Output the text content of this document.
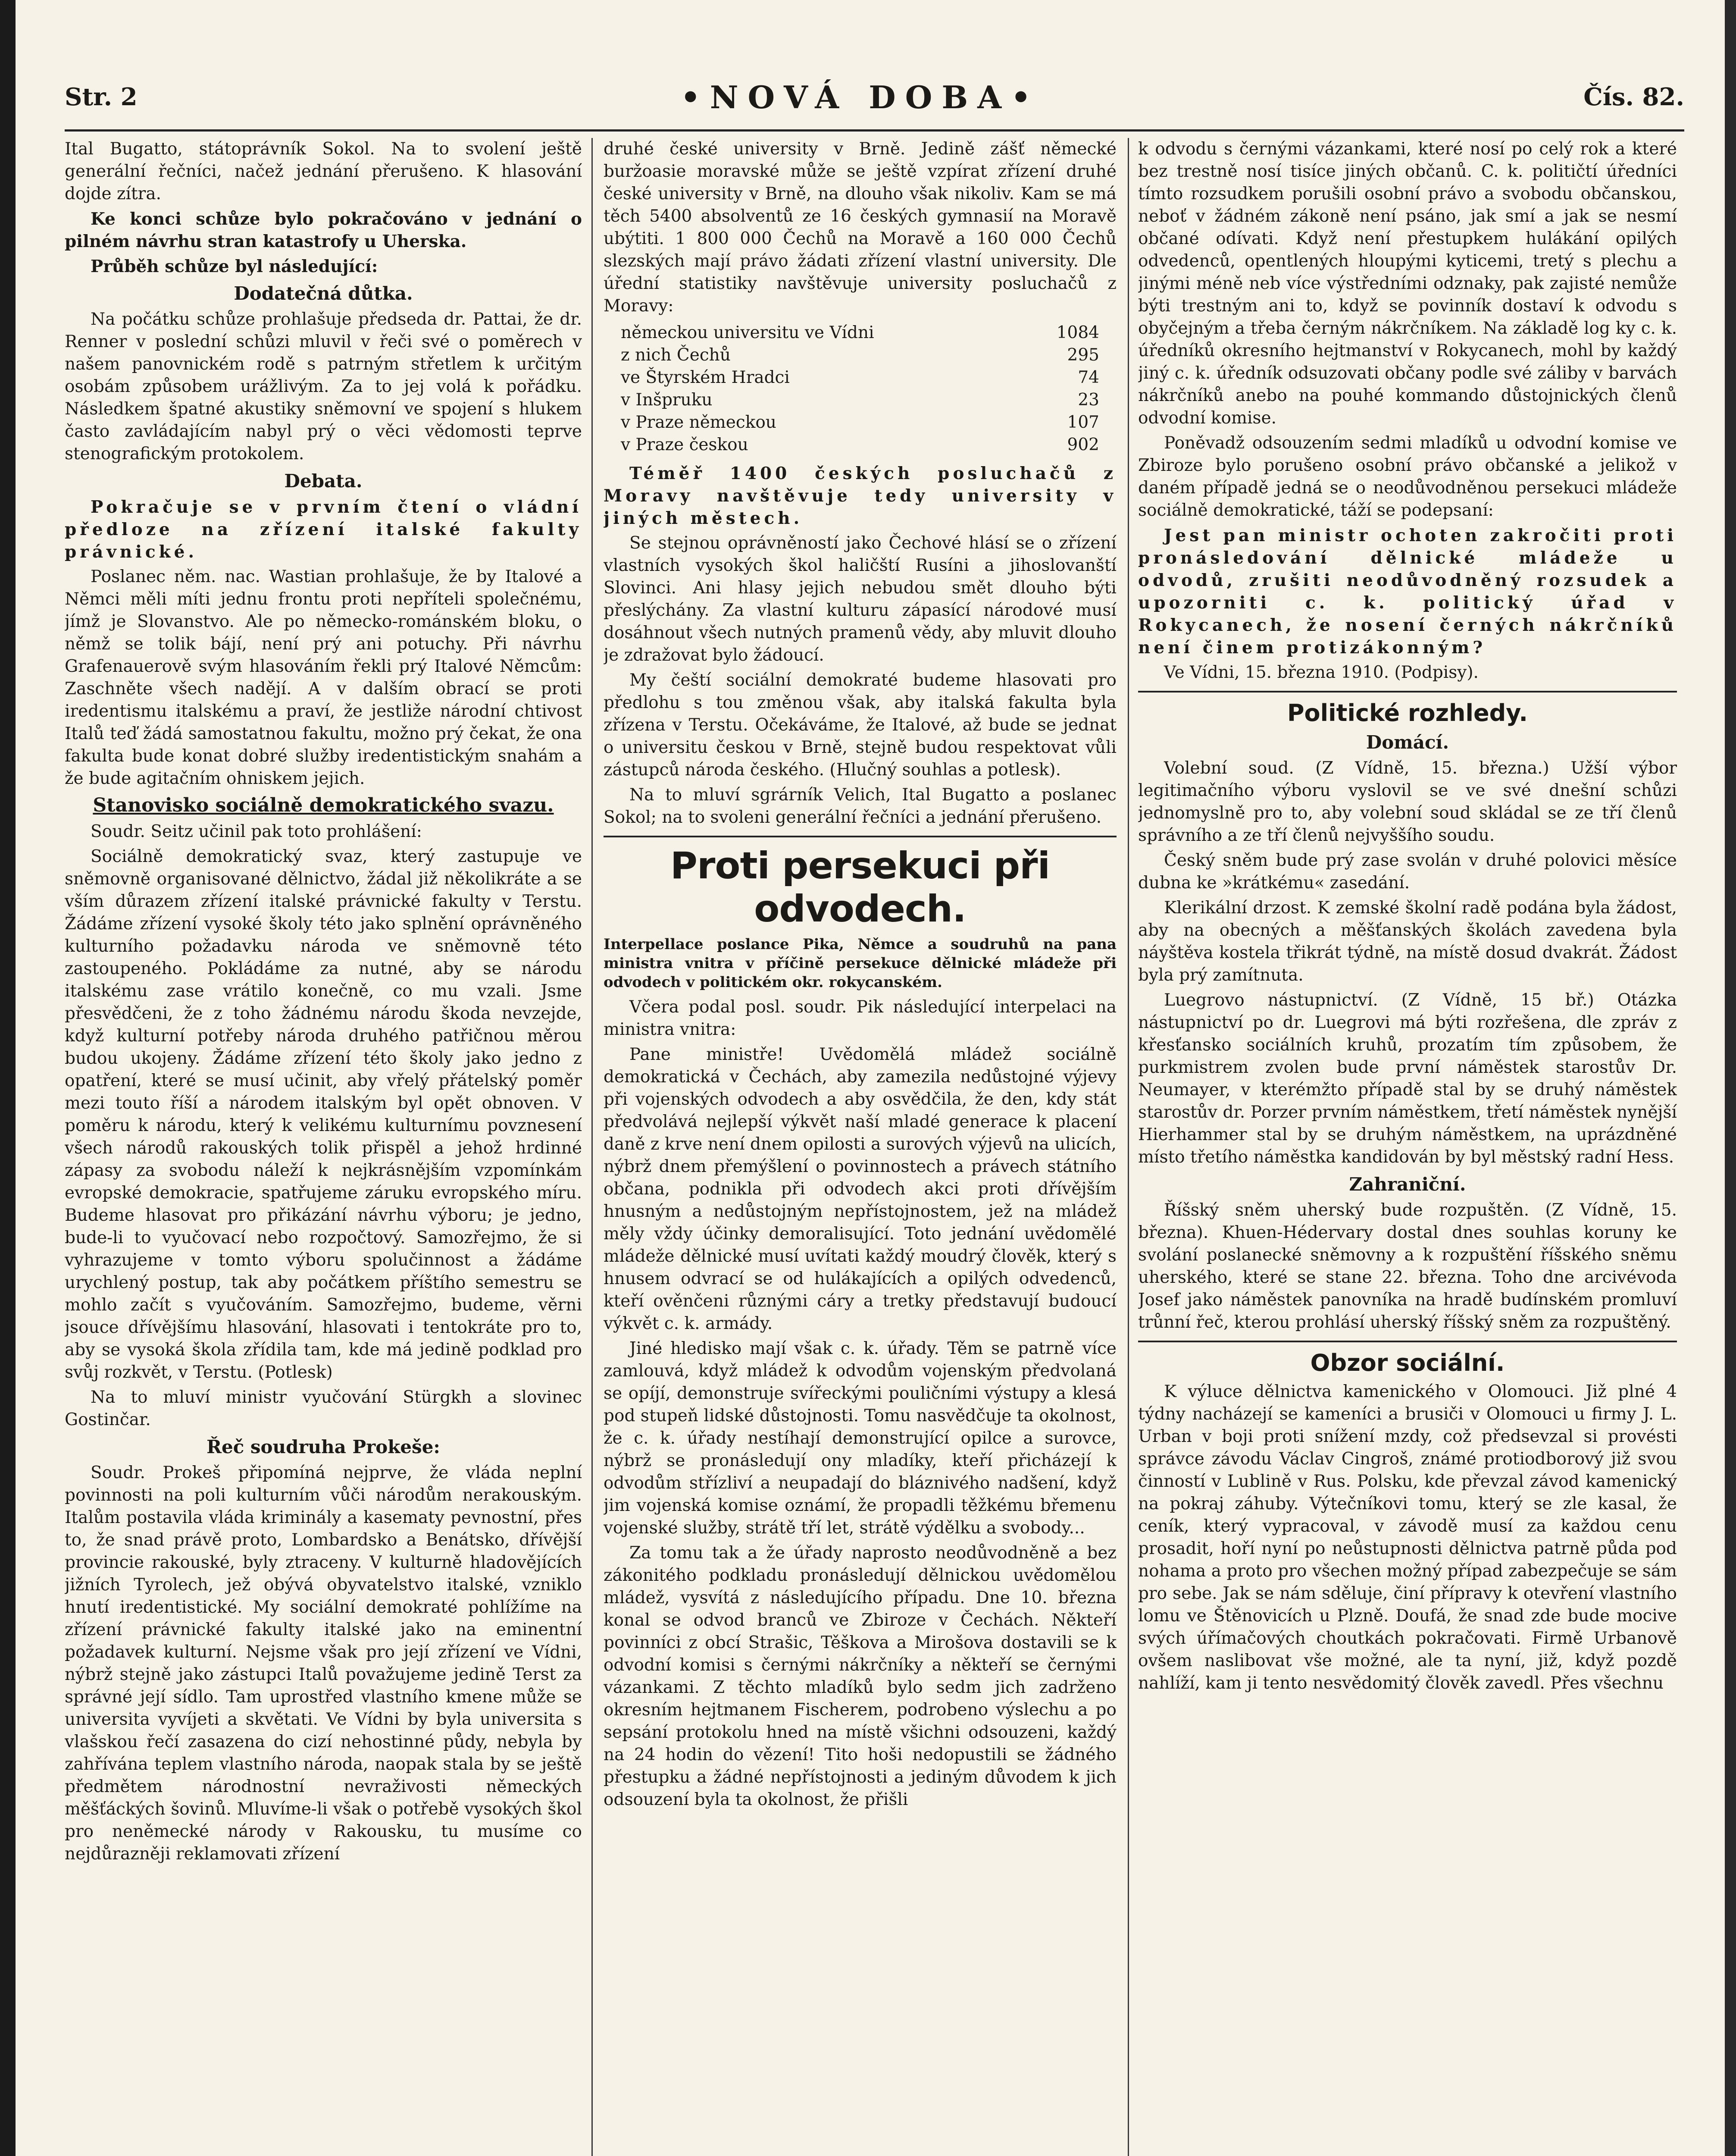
Str. 2	•NOVÁ DOBA•	Čís. 82.

Ital Bugatto, státoprávník Sokol. Na to svolení ještě generální řečníci, načež jednání přerušeno. K hlasování dojde zítra.

Ke konci schůze bylo pokračováno v jednání o pilném návrhu stran katastrofy u Uherska.

Průběh schůze byl následující:

Dodatečná důtka.

Na počátku schůze prohlašuje předseda dr. Pattai, že dr. Renner v poslední schůzi mluvil v řeči své o poměrech v našem panovnickém rodě s patrným střetlem k určitým osobám způsobem urážlivým. Za to jej volá k pořádku. Následkem špatné akustiky sněmovní ve spojení s hlukem často zavládajícím nabyl prý o věci vědomosti teprve stenografickým protokolem.

Debata.

Pokračuje se v prvním čtení o vládní předloze na zřízení italské fakulty právnické.

Poslanec něm. nac. Wastian prohlašuje, že by Italové a Němci měli míti jednu frontu proti nepříteli společnému, jímž je Slovanstvo. Ale po německo-románském bloku, o němž se tolik bájí, není prý ani potuchy. Při návrhu Grafenauerově svým hlasováním řekli prý Italové Němcům: Zaschněte všech nadějí. A v dalším obrací se proti iredentismu italskému a praví, že jestliže národní chtivost Italů teď žádá samostatnou fakultu, možno prý čekat, že ona fakulta bude konat dobré služby iredentistickým snahám a že bude agitačním ohniskem jejich.

Stanovisko sociálně demokratického svazu.

Soudr. Seitz učinil pak toto prohlášení:

Sociálně demokratický svaz, který zastupuje ve sněmovně organisované dělnictvo, žádal již několikráte a se vším důrazem zřízení italské právnické fakulty v Terstu. Žádáme zřízení vysoké školy této jako splnění oprávněného kulturního požadavku národa ve sněmovně této zastoupeného. Pokládáme za nutné, aby se národu italskému zase vrátilo konečně, co mu vzali. Jsme přesvědčeni, že z toho žádnému národu škoda nevzejde, když kulturní potřeby národa druhého patřičnou měrou budou ukojeny. Žádáme zřízení této školy jako jedno z opatření, které se musí učinit, aby vřelý přátelský poměr mezi touto říší a národem italským byl opět obnoven. V poměru k národu, který k velikému kulturnímu povznesení všech národů rakouských tolik přispěl a jehož hrdinné zápasy za svobodu náleží k nejkrásnějším vzpomínkám evropské demokracie, spatřujeme záruku evropského míru. Budeme hlasovat pro přikázání návrhu výboru; je jedno, bude-li to vyučovací nebo rozpočtový. Samozřejmo, že si vyhrazujeme v tomto výboru spolučinnost a žádáme urychlený postup, tak aby počátkem příštího semestru se mohlo začít s vyučováním. Samozřejmo, budeme, věrni jsouce dřívějšímu hlasování, hlasovati i tentokráte pro to, aby se vysoká škola zřídila tam, kde má jedině podklad pro svůj rozkvět, v Terstu. (Potlesk)

Na to mluví ministr vyučování Stürgkh a slovinec Gostinčar.

Řeč soudruha Prokeše:

Soudr. Prokeš připomíná nejprve, že vláda neplní povinnosti na poli kulturním vůči národům nerakouským. Italům postavila vláda kriminály a kasematy pevnostní, přes to, že snad právě proto, Lombardsko a Benátsko, dřívější provincie rakouské, byly ztraceny. V kulturně hladovějících jižních Tyrolech, jež obývá obyvatelstvo italské, vzniklo hnutí iredentistické. My sociální demokraté pohlížíme na zřízení právnické fakulty italské jako na eminentní požadavek kulturní. Nejsme však pro její zřízení ve Vídni, nýbrž stejně jako zástupci Italů považujeme jedině Terst za správné její sídlo. Tam uprostřed vlastního kmene může se universita vyvíjeti a skvětati. Ve Vídni by byla universita s vlašskou řečí zasazena do cizí nehostinné půdy, nebyla by zahřívána teplem vlastního národa, naopak stala by se ještě předmětem národnostní nevraživosti německých měšťáckých šovinů. Mluvíme-li však o potřebě vysokých škol pro neněmecké národy v Rakousku, tu musíme co nejdůrazněji reklamovati zřízení

druhé české university v Brně. Jedině zášť německé buržoasie moravské může se ještě vzpírat zřízení druhé české university v Brně, na dlouho však nikoliv. Kam se má těch 5400 absolventů ze 16 českých gymnasií na Moravě ubýtiti. 1 800 000 Čechů na Moravě a 160 000 Čechů slezských mají právo žádati zřízení vlastní university. Dle úřední statistiky navštěvuje university posluchačů z Moravy:

německou universitu ve Vídni	1084
z nich Čechů	295
ve Štyrském Hradci	74
v Inšpruku	23
v Praze německou	107
v Praze českou	902

Téměř 1400 českých posluchačů z Moravy navštěvuje tedy university v jiných městech.

Se stejnou oprávněností jako Čechové hlásí se o zřízení vlastních vysokých škol haličští Rusíni a jihoslovanští Slovinci. Ani hlasy jejich nebudou smět dlouho býti přeslýchány. Za vlastní kulturu zápasící národové musí dosáhnout všech nutných pramenů vědy, aby mluvit dlouho je zdražovat bylo žádoucí.

My čeští sociální demokraté budeme hlasovati pro předlohu s tou změnou však, aby italská fakulta byla zřízena v Terstu. Očekáváme, že Italové, až bude se jednat o universitu českou v Brně, stejně budou respektovat vůli zástupců národa českého. (Hlučný souhlas a potlesk).

Na to mluví sgrárník Velich, Ital Bugatto a poslanec Sokol; na to svoleni generální řečníci a jednání přerušeno.

Proti persekuci při odvodech.
Interpellace poslance Pika, Němce a soudruhů na pana ministra vnitra v příčině persekuce dělnické mládeže při odvodech v politickém okr. rokycanském.

Včera podal posl. soudr. Pik následující interpelaci na ministra vnitra:

Pane ministře! Uvědomělá mládež sociálně demokratická v Čechách, aby zamezila nedůstojné výjevy při vojenských odvodech a aby osvědčila, že den, kdy stát předvolává nejlepší výkvět naší mladé generace k placení daně z krve není dnem opilosti a surových výjevů na ulicích, nýbrž dnem přemýšlení o povinnostech a právech státního občana, podnikla při odvodech akci proti dřívějším hnusným a nedůstojným nepřístojnostem, jež na mládež měly vždy účinky demoralisující. Toto jednání uvědomělé mládeže dělnické musí uvítati každý moudrý člověk, který s hnusem odvrací se od hulákajících a opilých odvedenců, kteří ověnčeni různými cáry a tretky představují budoucí výkvět c. k. armády.

Jiné hledisko mají však c. k. úřady. Těm se patrně více zamlouvá, když mládež k odvodům vojenským předvolaná se opíjí, demonstruje svířeckými pouličními výstupy a klesá pod stupeň lidské důstojnosti. Tomu nasvědčuje ta okolnost, že c. k. úřady nestíhají demonstrující opilce a surovce, nýbrž se pronásledují ony mladíky, kteří přicházejí k odvodům střízliví a neupadají do bláznivého nadšení, když jim vojenská komise oznámí, že propadli těžkému břemenu vojenské služby, strátě tří let, strátě výdělku a svobody...

Za tomu tak a že úřady naprosto neodůvodněně a bez zákonitého podkladu pronásledují dělnickou uvědomělou mládež, vysvítá z následujícího případu. Dne 10. března konal se odvod branců ve Zbiroze v Čechách. Někteří povinníci z obcí Strašic, Těškova a Mirošova dostavili se k odvodní komisi s černými nákrčníky a někteří se černými vázankami. Z těchto mladíků bylo sedm jich zadrženo okresním hejtmanem Fischerem, podrobeno výslechu a po sepsání protokolu hned na místě všichni odsouzeni, každý na 24 hodin do vězení! Tito hoši nedopustili se žádného přestupku a žádné nepřístojnosti a jediným důvodem k jich odsouzení byla ta okolnost, že přišli

k odvodu s černými vázankami, které nosí po celý rok a které bez trestně nosí tisíce jiných občanů. C. k. političtí úředníci tímto rozsudkem porušili osobní právo a svobodu občanskou, neboť v žádném zákoně není psáno, jak smí a jak se nesmí občané odívati. Když není přestupkem hulákání opilých odvedenců, opentlených hloupými kyticemi, tretý s plechu a jinými méně neb více výstředními odznaky, pak zajisté nemůže býti trestným ani to, když se povinník dostaví k odvodu s obyčejným a třeba černým nákrčníkem. Na základě log ky c. k. úředníků okresního hejtmanství v Rokycanech, mohl by každý jiný c. k. úředník odsuzovati občany podle své záliby v barvách nákrčníků anebo na pouhé kommando důstojnických členů odvodní komise.

Poněvadž odsouzením sedmi mladíků u odvodní komise ve Zbiroze bylo porušeno osobní právo občanské a jelikož v daném případě jedná se o neodůvodněnou persekuci mládeže sociálně demokratické, táží se podepsaní:

Jest pan ministr ochoten zakročiti proti pronásledování dělnické mládeže u odvodů, zrušiti neodůvodněný rozsudek a upozorniti c. k. politický úřad v Rokycanech, že nosení černých nákrčníků není činem protizákonným?

Ve Vídni, 15. března 1910. (Podpisy).

Politické rozhledy.
Domácí.

Volební soud. (Z Vídně, 15. března.) Užší výbor legitimačního výboru vyslovil se ve své dnešní schůzi jednomyslně pro to, aby volební soud skládal se ze tří členů správního a ze tří členů nejvyššího soudu.

Český sněm bude prý zase svolán v druhé polovici měsíce dubna ke »krátkému« zasedání.

Klerikální drzost. K zemské školní radě podána byla žádost, aby na obecných a měšťanských školách zavedena byla náyštěva kostela třikrát týdně, na místě dosud dvakrát. Žádost byla prý zamítnuta.

Luegrovo nástupnictví. (Z Vídně, 15 bř.) Otázka nástupnictví po dr. Luegrovi má býti rozřešena, dle zpráv z křesťansko sociálních kruhů, prozatím tím způsobem, že purkmistrem zvolen bude první náměstek starostův Dr. Neumayer, v kterémžto případě stal by se druhý náměstek starostův dr. Porzer prvním náměstkem, třetí náměstek nynější Hierhammer stal by se druhým náměstkem, na uprázdněné místo třetího náměstka kandidován by byl městský radní Hess.

Zahraniční.

Říšský sněm uherský bude rozpuštěn. (Z Vídně, 15. března). Khuen-Hédervary dostal dnes souhlas koruny ke svolání poslanecké sněmovny a k rozpuštění říšského sněmu uherského, které se stane 22. března. Toho dne arcivévoda Josef jako náměstek panovníka na hradě budínském promluví trůnní řeč, kterou prohlásí uherský říšský sněm za rozpuštěný.

Obzor sociální.

K výluce dělnictva kamenického v Olomouci. Již plné 4 týdny nacházejí se kameníci a brusiči v Olomouci u firmy J. L. Urban v boji proti snížení mzdy, což předsevzal si provésti správce závodu Václav Cingroš, známé protiodborový již svou činností v Lublině v Rus. Polsku, kde převzal závod kamenický na pokraj záhuby. Výtečníkovi tomu, který se zle kasal, že ceník, který vypracoval, v závodě musí za každou cenu prosadit, hoří nyní po neůstupnosti dělnictva patrně půda pod nohama a proto pro všechen možný případ zabezpečuje se sám pro sebe. Jak se nám sděluje, činí přípravy k otevření vlastního lomu ve Štěnovicích u Plzně. Doufá, že snad zde bude mocive svých úřímačových choutkách pokračovati. Firmě Urbanově ovšem naslibovat vše možné, ale ta nyní, již, když pozdě nahlíží, kam ji tento nesvědomitý člověk zavedl. Přes všechnu
